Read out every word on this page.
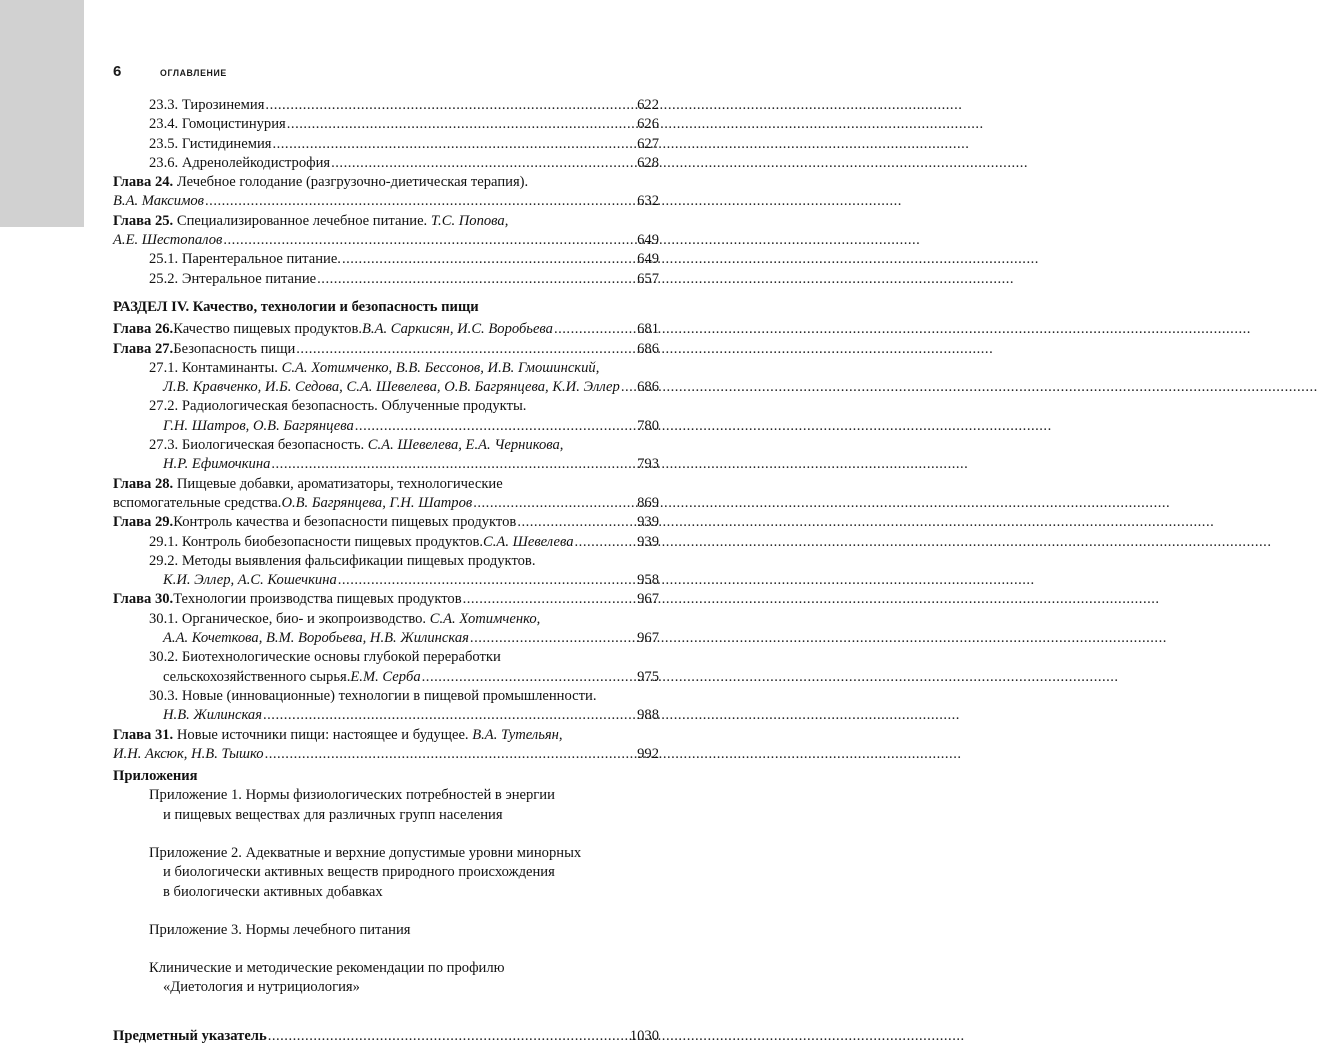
6	ОГЛАВЛЕНИЕ
23.3. Тирозинемия .....	622
23.4. Гомоцистинурия .....	626
23.5. Гистидинемия .....	627
23.6. Адренолейкодистрофия .....	628
Глава 24. Лечебное голодание (разгрузочно-диетическая терапия).
В.А. Максимов .....	632
Глава 25. Специализированное лечебное питание. Т.С. Попова,
А.Е. Шестопалов .....	649
25.1. Парентеральное питание. .....	649
25.2. Энтеральное питание .....	657
РАЗДЕЛ IV. Качество, технологии и безопасность пищи
Глава 26. Качество пищевых продуктов. В.А. Саркисян, И.С. Воробьева .....	681
Глава 27. Безопасность пищи .....	686
27.1. Контаминанты. С.А. Хотимченко, В.В. Бессонов, И.В. Гмошинский,
Л.В. Кравченко, И.Б. Седова, С.А. Шевелева, О.В. Багрянцева, К.И. Эллер .....	686
27.2. Радиологическая безопасность. Облученные продукты.
Г.Н. Шатров, О.В. Багрянцева .....	780
27.3. Биологическая безопасность. С.А. Шевелева, Е.А. Черникова,
Н.Р. Ефимочкина .....	793
Глава 28. Пищевые добавки, ароматизаторы, технологические
вспомогательные средства. О.В. Багрянцева, Г.Н. Шатров .....	869
Глава 29. Контроль качества и безопасности пищевых продуктов .....	939
29.1. Контроль биобезопасности пищевых продуктов. С.А. Шевелева .....	939
29.2. Методы выявления фальсификации пищевых продуктов.
К.И. Эллер, А.С. Кошечкина .....	958
Глава 30. Технологии производства пищевых продуктов .....	967
30.1. Органическое, био- и экопроизводство. С.А. Хотимченко,
А.А. Кочеткова, В.М. Воробьева, Н.В. Жилинская .....	967
30.2. Биотехнологические основы глубокой переработки
сельскохозяйственного сырья. Е.М. Серба .....	975
30.3. Новые (инновационные) технологии в пищевой промышленности.
Н.В. Жилинская .....	988
Глава 31. Новые источники пищи: настоящее и будущее. В.А. Тутельян,
И.Н. Аксюк, Н.В. Тышко .....	992
Приложения
Приложение 1. Нормы физиологических потребностей в энергии
и пищевых веществах для различных групп населения
Приложение 2. Адекватные и верхние допустимые уровни минорных
и биологически активных веществ природного происхождения
в биологически активных добавках
Приложение 3. Нормы лечебного питания
Клинические и методические рекомендации по профилю
«Диетология и нутрициология»
Предметный указатель .....	1030
